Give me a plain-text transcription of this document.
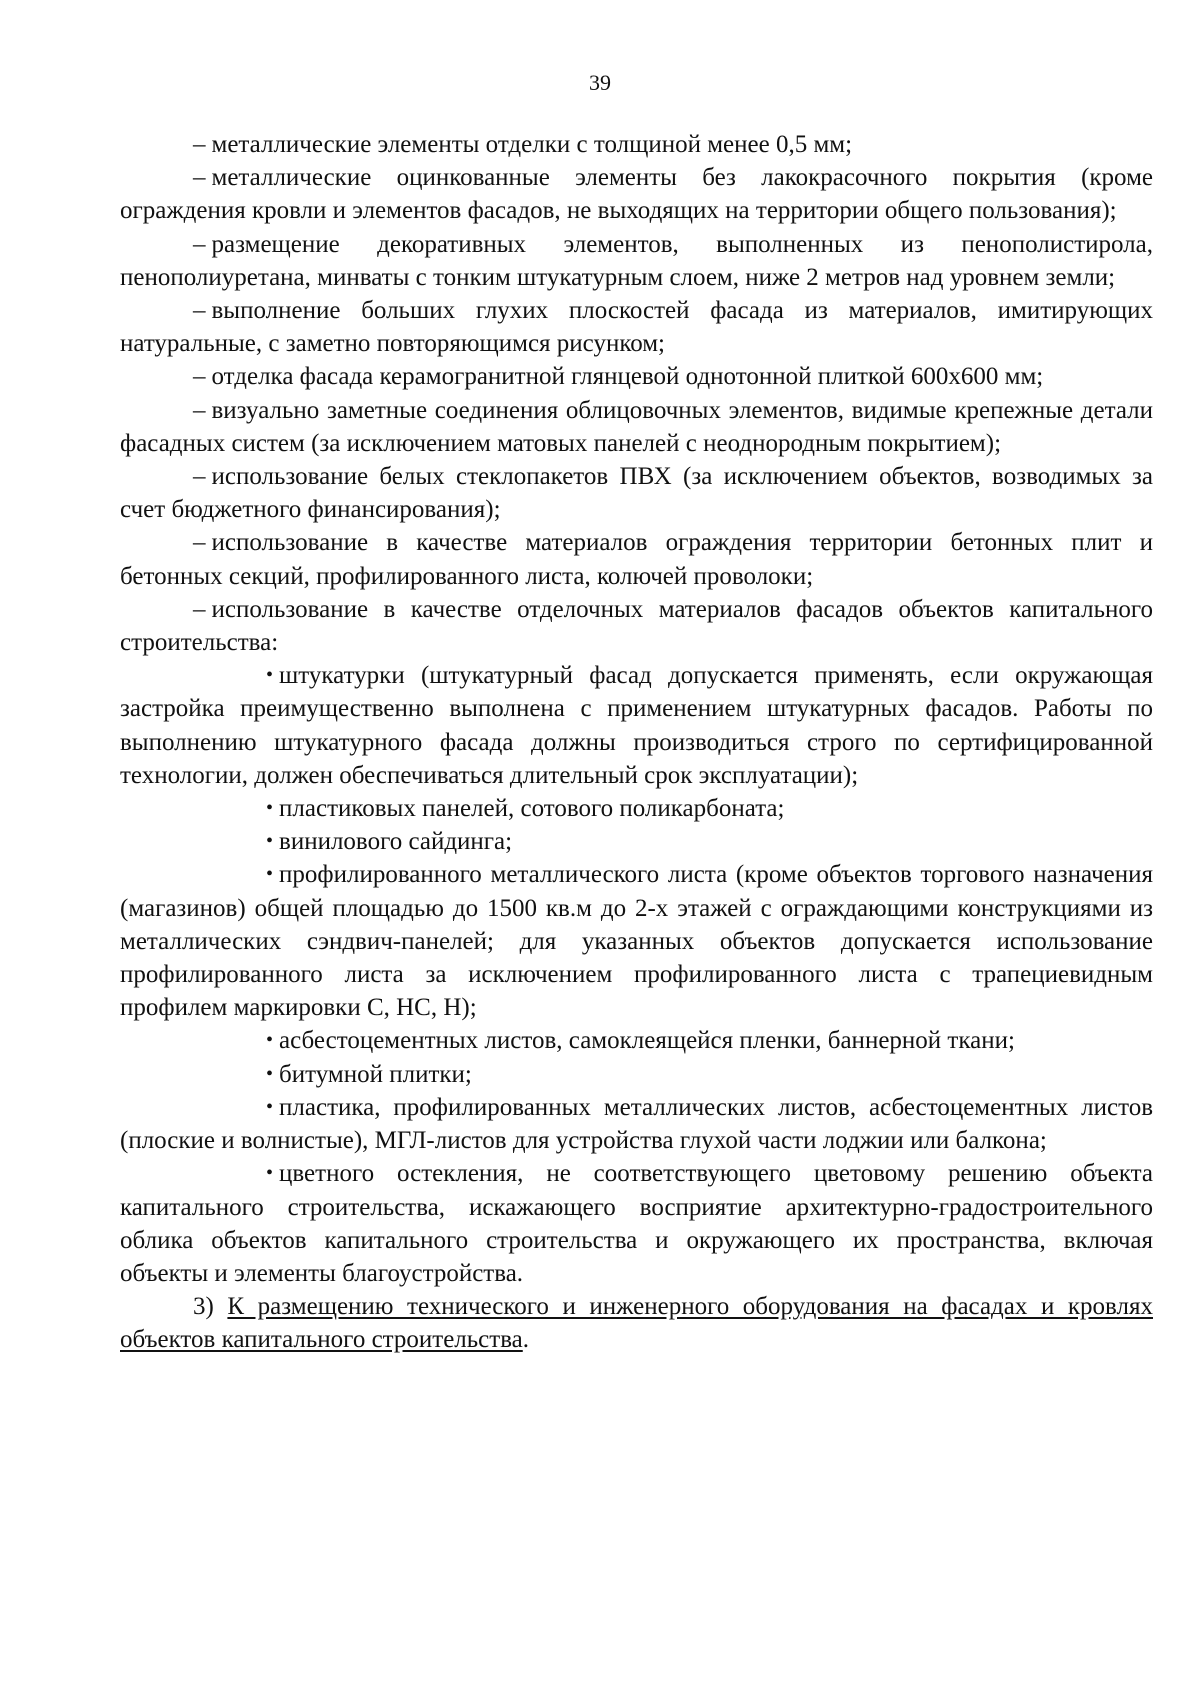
39

– металлические элементы отделки с толщиной менее 0,5 мм;

– металлические оцинкованные элементы без лакокрасочного покрытия (кроме ограждения кровли и элементов фасадов, не выходящих на территории общего пользования);

– размещение декоративных элементов, выполненных из пенополистирола, пенополиуретана, минваты с тонким штукатурным слоем, ниже 2 метров над уровнем земли;

– выполнение больших глухих плоскостей фасада из материалов, имитирующих натуральные, с заметно повторяющимся рисунком;

– отделка фасада керамогранитной глянцевой однотонной плиткой 600х600 мм;

– визуально заметные соединения облицовочных элементов, видимые крепежные детали фасадных систем (за исключением матовых панелей с неоднородным покрытием);

– использование белых стеклопакетов ПВХ (за исключением объектов, возводимых за счет бюджетного финансирования);

– использование в качестве материалов ограждения территории бетонных плит и бетонных секций, профилированного листа, колючей проволоки;

– использование в качестве отделочных материалов фасадов объектов капитального строительства:

• штукатурки (штукатурный фасад допускается применять, если окружающая застройка преимущественно выполнена с применением штукатурных фасадов. Работы по выполнению штукатурного фасада должны производиться строго по сертифицированной технологии, должен обеспечиваться длительный срок эксплуатации);

• пластиковых панелей, сотового поликарбоната;

• винилового сайдинга;

• профилированного металлического листа (кроме объектов торгового назначения (магазинов) общей площадью до 1500 кв.м до 2-х этажей с ограждающими конструкциями из металлических сэндвич-панелей; для указанных объектов допускается использование профилированного листа за исключением профилированного листа с трапециевидным профилем маркировки С, НС, Н);

• асбестоцементных листов, самоклеящейся пленки, баннерной ткани;

• битумной плитки;

• пластика, профилированных металлических листов, асбестоцементных листов (плоские и волнистые), МГЛ-листов для устройства глухой части лоджии или балкона;

• цветного остекления, не соответствующего цветовому решению объекта капитального строительства, искажающего восприятие архитектурно-градостроительного облика объектов капитального строительства и окружающего их пространства, включая объекты и элементы благоустройства.

3) К размещению технического и инженерного оборудования на фасадах и кровлях объектов капитального строительства.
